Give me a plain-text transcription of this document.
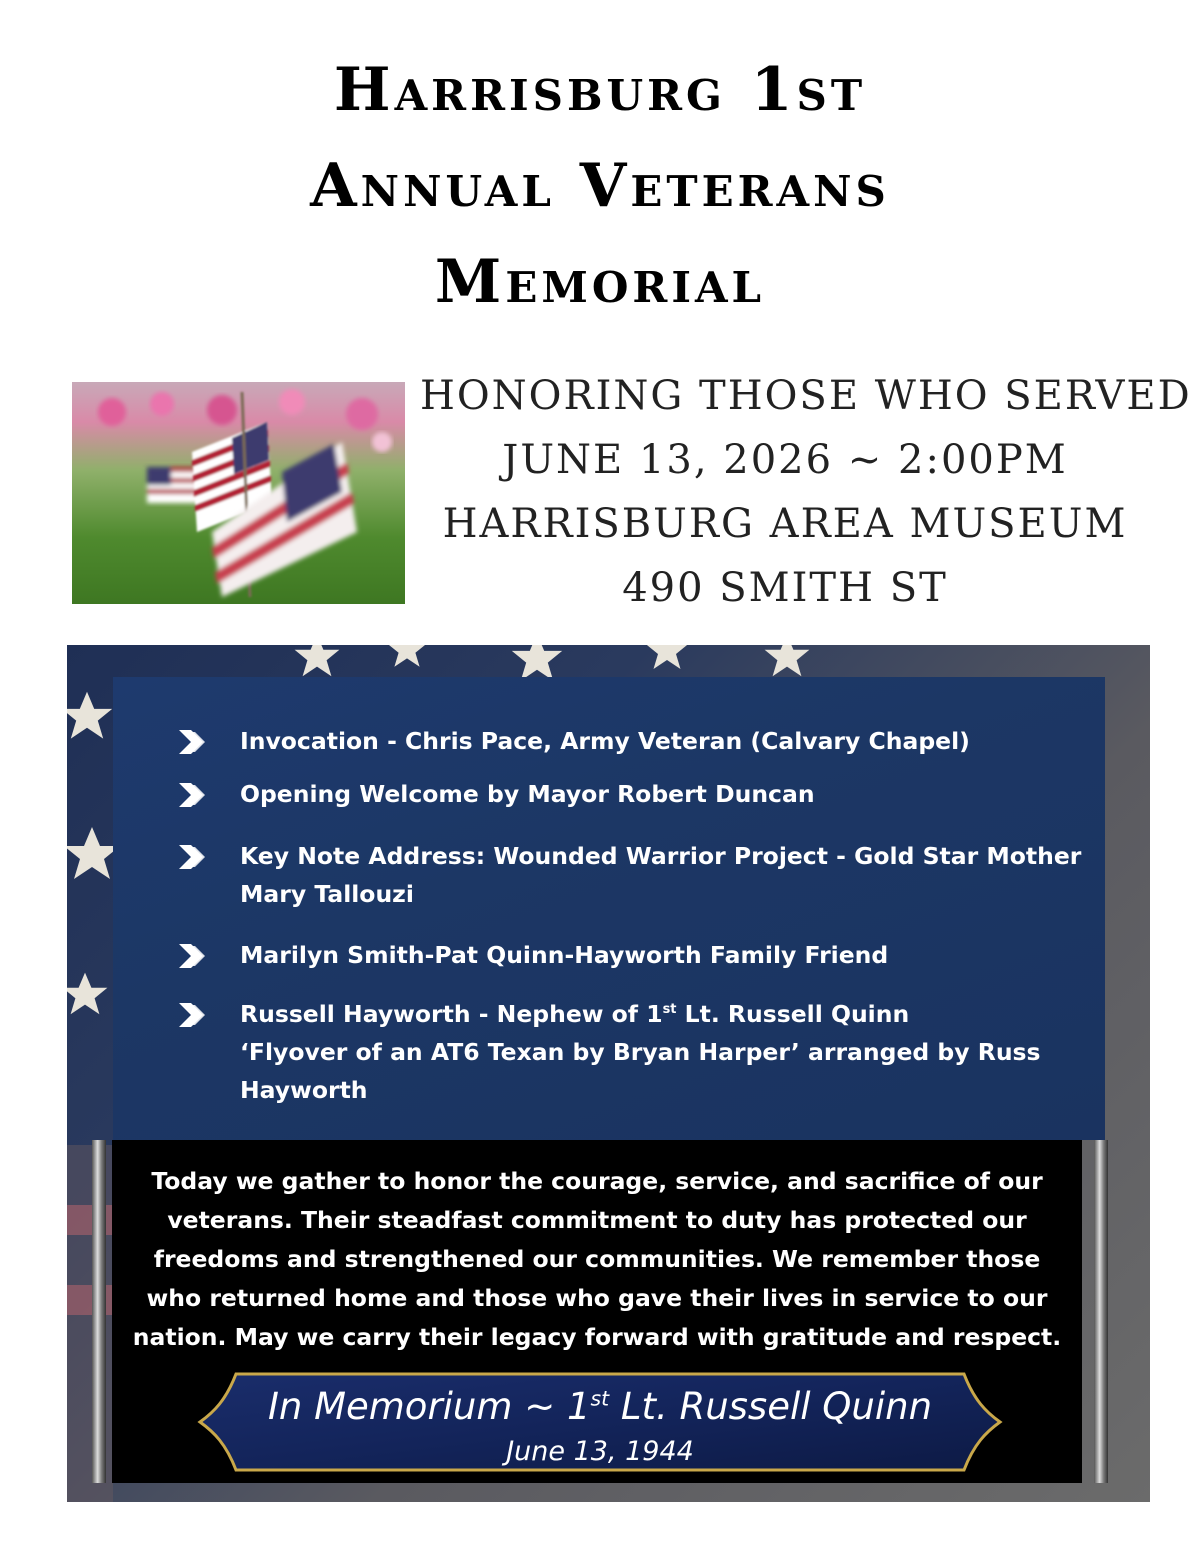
Harrisburg 1st
Annual Veterans
Memorial
HONORING THOSE WHO SERVED
JUNE 13, 2026 ~ 2:00PM
HARRISBURG AREA MUSEUM
490 SMITH ST
Invocation - Chris Pace, Army Veteran (Calvary Chapel)
Opening Welcome by Mayor Robert Duncan
Key Note Address: Wounded Warrior Project - Gold Star Mother
Mary Tallouzi
Marilyn Smith-Pat Quinn-Hayworth Family Friend
Russell Hayworth - Nephew of 1st Lt. Russell Quinn
‘Flyover of an AT6 Texan by Bryan Harper’ arranged by Russ
Hayworth
Today we gather to honor the courage, service, and sacrifice of our
veterans. Their steadfast commitment to duty has protected our
freedoms and strengthened our communities. We remember those
who returned home and those who gave their lives in service to our
nation. May we carry their legacy forward with gratitude and respect.
In Memorium ~ 1st Lt. Russell Quinn
June 13, 1944
